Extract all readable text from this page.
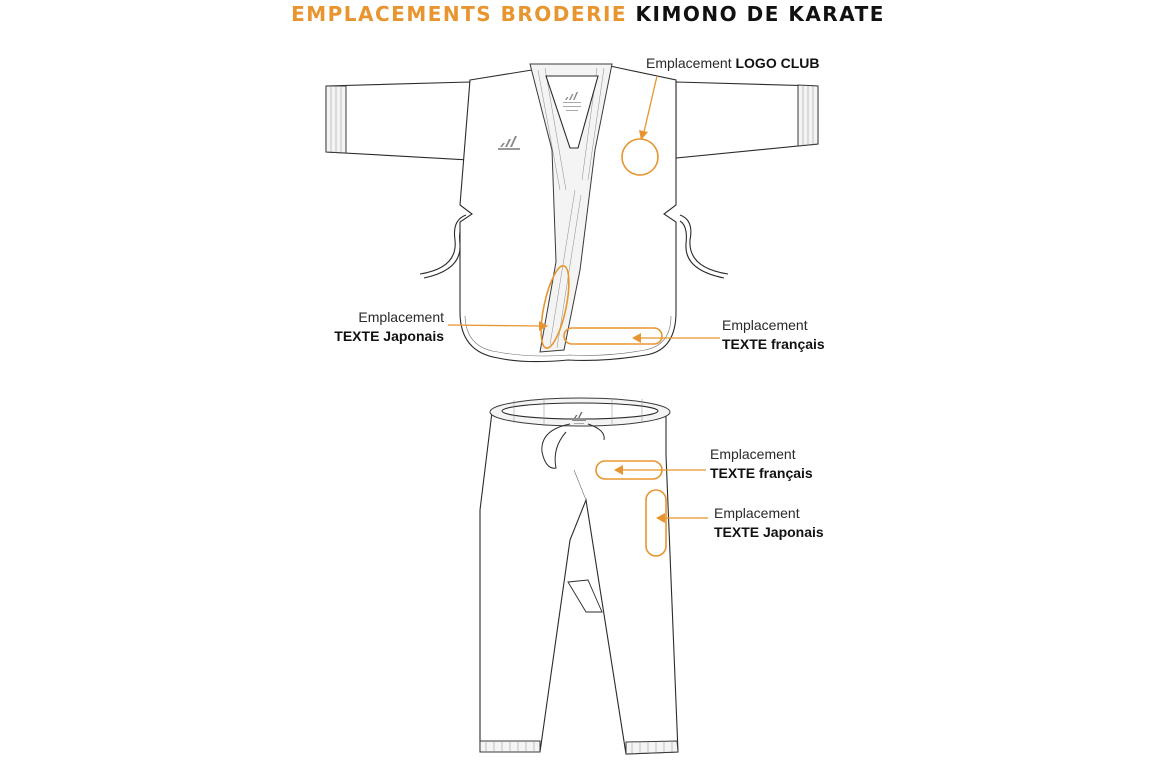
EMPLACEMENTS BRODERIE KIMONO DE KARATE
Emplacement LOGO CLUB
Emplacement
TEXTE Japonais
Emplacement
TEXTE français
Emplacement
TEXTE français
Emplacement
TEXTE Japonais
